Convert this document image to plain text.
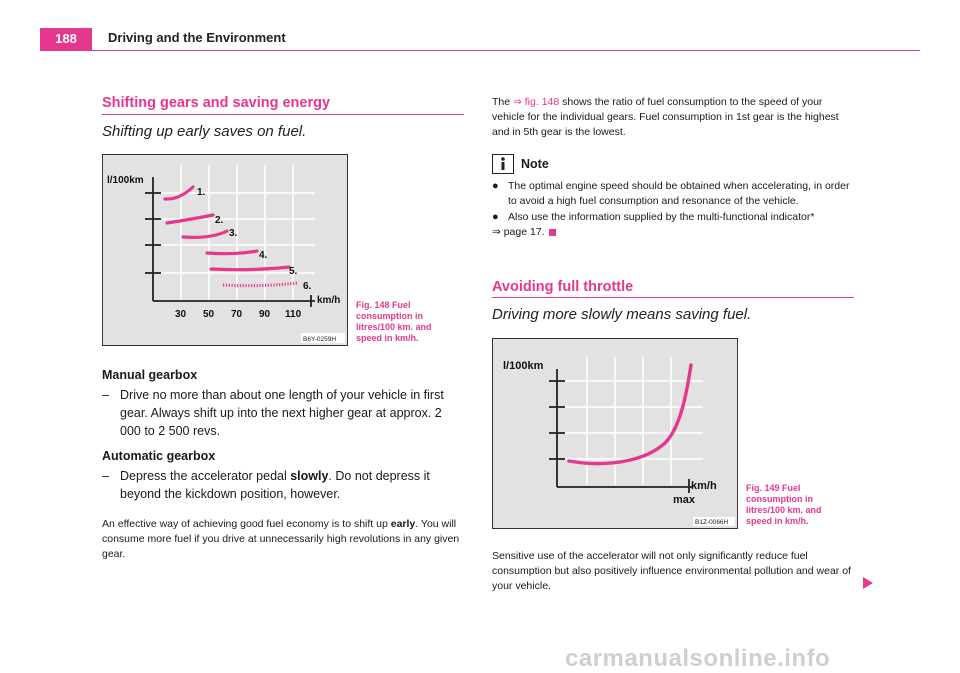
188	Driving and the Environment
Shifting gears and saving energy
Shifting up early saves on fuel.
l/100km
km/h
1.
2.
3.
4.
5.
6.
30 50 70 90 110
B6Y-0259H
Fig. 148 Fuel consumption in litres/100 km. and speed in km/h.
Manual gearbox
– Drive no more than about one length of your vehicle in first gear. Always shift up into the next higher gear at approx. 2 000 to 2 500 revs.
Automatic gearbox
– Depress the accelerator pedal slowly. Do not depress it beyond the kickdown position, however.
An effective way of achieving good fuel economy is to shift up early. You will consume more fuel if you drive at unnecessarily high revolutions in any given gear.
The ⇒ fig. 148 shows the ratio of fuel consumption to the speed of your vehicle for the individual gears. Fuel consumption in 1st gear is the highest and in 5th gear is the lowest.
Note
● The optimal engine speed should be obtained when accelerating, in order to avoid a high fuel consumption and resonance of the vehicle.
● Also use the information supplied by the multi-functional indicator*
⇒ page 17.
Avoiding full throttle
Driving more slowly means saving fuel.
l/100km
km/h
max
B1Z-0066H
Fig. 149 Fuel consumption in litres/100 km. and speed in km/h.
Sensitive use of the accelerator will not only significantly reduce fuel consumption but also positively influence environmental pollution and wear of your vehicle.
carmanualsonline.info
